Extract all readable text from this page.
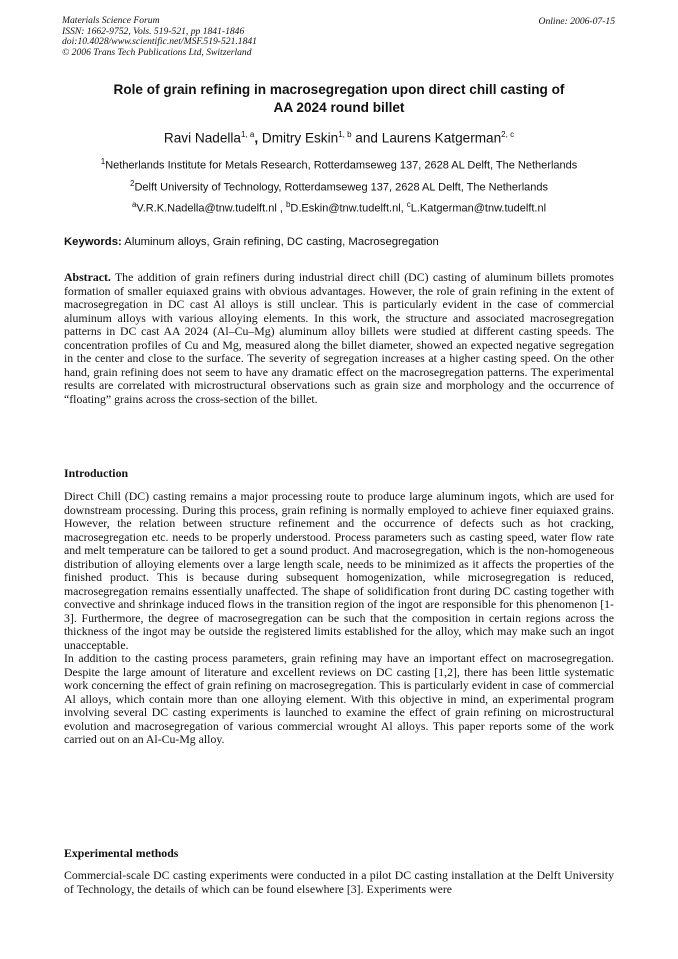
Materials Science Forum
ISSN: 1662-9752, Vols. 519-521, pp 1841-1846
doi:10.4028/www.scientific.net/MSF.519-521.1841
© 2006 Trans Tech Publications Ltd, Switzerland
Online: 2006-07-15
Role of grain refining in macrosegregation upon direct chill casting of
AA 2024 round billet
Ravi Nadella$^{1, a}$, Dmitry Eskin$^{1, b}$ and Laurens Katgerman$^{2, c}$
$^1$Netherlands Institute for Metals Research, Rotterdamseweg 137, 2628 AL Delft, The Netherlands
$^2$Delft University of Technology, Rotterdamseweg 137, 2628 AL Delft, The Netherlands
$^a$V.R.K.Nadella@tnw.tudelft.nl , $^b$D.Eskin@tnw.tudelft.nl, $^c$L.Katgerman@tnw.tudelft.nl
Keywords: Aluminum alloys, Grain refining, DC casting, Macrosegregation

Abstract. The addition of grain refiners during industrial direct chill (DC) casting of aluminum billets promotes formation of smaller equiaxed grains with obvious advantages. However, the role of grain refining in the extent of macrosegregation in DC cast Al alloys is still unclear. This is particularly evident in the case of commercial aluminum alloys with various alloying elements. In this work, the structure and associated macrosegregation patterns in DC cast AA 2024 (Al–Cu–Mg) aluminum alloy billets were studied at different casting speeds. The concentration profiles of Cu and Mg, measured along the billet diameter, showed an expected negative segregation in the center and close to the surface. The severity of segregation increases at a higher casting speed. On the other hand, grain refining does not seem to have any dramatic effect on the macrosegregation patterns. The experimental results are correlated with microstructural observations such as grain size and morphology and the occurrence of “floating” grains across the cross-section of the billet.

Introduction

Direct Chill (DC) casting remains a major processing route to produce large aluminum ingots, which are used for downstream processing. During this process, grain refining is normally employed to achieve finer equiaxed grains. However, the relation between structure refinement and the occurrence of defects such as hot cracking, macrosegregation etc. needs to be properly understood. Process parameters such as casting speed, water flow rate and melt temperature can be tailored to get a sound product. And macrosegregation, which is the non-homogeneous distribution of alloying elements over a large length scale, needs to be minimized as it affects the properties of the finished product. This is because during subsequent homogenization, while microsegregation is reduced, macrosegregation remains essentially unaffected. The shape of solidification front during DC casting together with convective and shrinkage induced flows in the transition region of the ingot are responsible for this phenomenon [1-3]. Furthermore, the degree of macrosegregation can be such that the composition in certain regions across the thickness of the ingot may be outside the registered limits established for the alloy, which may make such an ingot unacceptable.

In addition to the casting process parameters, grain refining may have an important effect on macrosegregation. Despite the large amount of literature and excellent reviews on DC casting [1,2], there has been little systematic work concerning the effect of grain refining on macrosegregation. This is particularly evident in case of commercial Al alloys, which contain more than one alloying element. With this objective in mind, an experimental program involving several DC casting experiments is launched to examine the effect of grain refining on microstructural evolution and macrosegregation of various commercial wrought Al alloys. This paper reports some of the work carried out on an Al-Cu-Mg alloy.

Experimental methods

Commercial-scale DC casting experiments were conducted in a pilot DC casting installation at the Delft University of Technology, the details of which can be found elsewhere [3]. Experiments were
